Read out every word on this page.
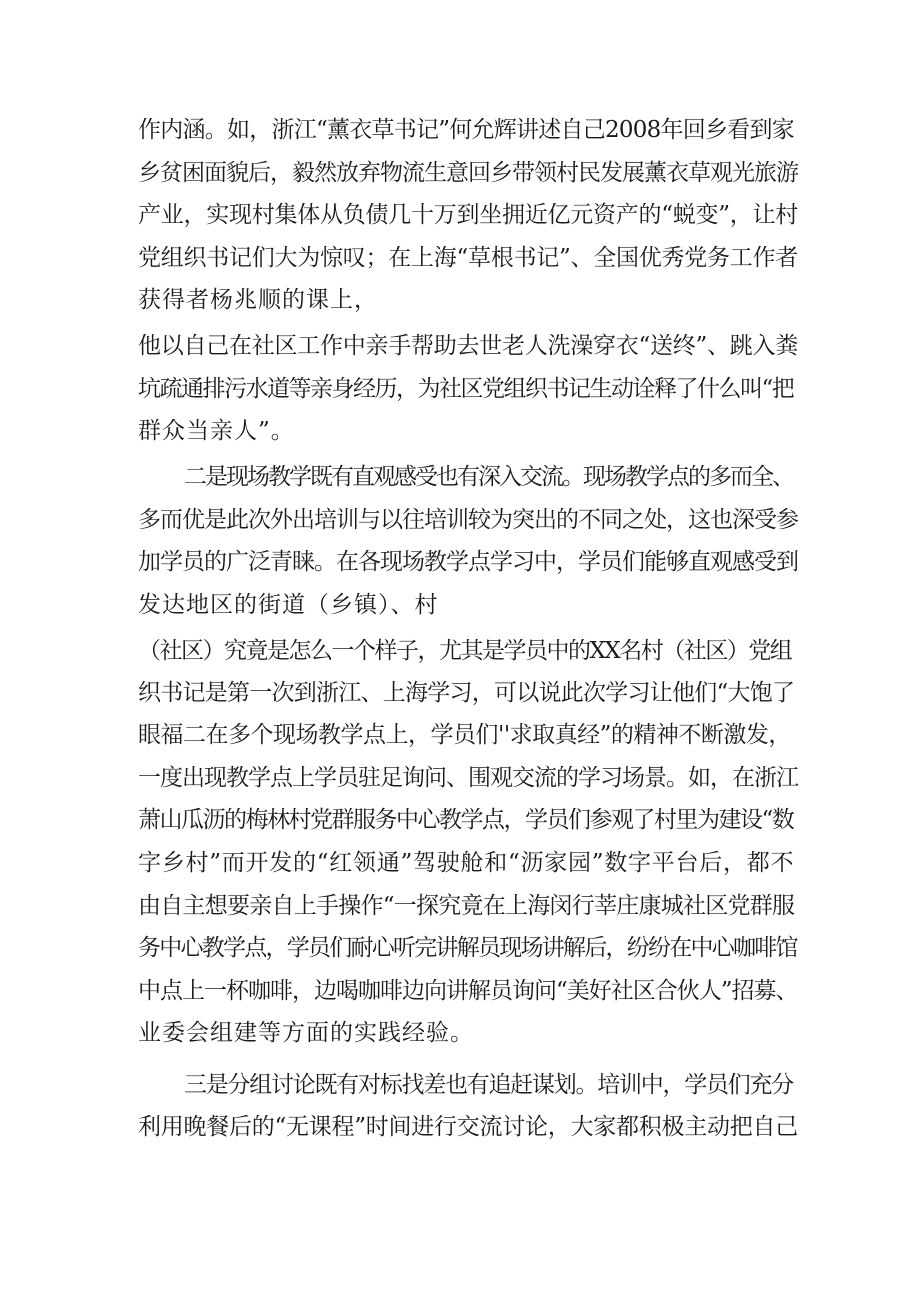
作内涵。如，浙江“薰衣草书记”何允辉讲述自己2008年回乡看到家
乡贫困面貌后，毅然放弃物流生意回乡带领村民发展薰衣草观光旅游
产业，实现村集体从负债几十万到坐拥近亿元资产的“蜕变”，让村
党组织书记们大为惊叹；在上海“草根书记”、全国优秀党务工作者
获得者杨兆顺的课上，
他以自己在社区工作中亲手帮助去世老人洗澡穿衣“送终”、跳入粪
坑疏通排污水道等亲身经历，为社区党组织书记生动诠释了什么叫“把
群众当亲人”。
二是现场教学既有直观感受也有深入交流。现场教学点的多而全、
多而优是此次外出培训与以往培训较为突出的不同之处，这也深受参
加学员的广泛青睐。在各现场教学点学习中，学员们能够直观感受到
发达地区的街道（乡镇）、村
（社区）究竟是怎么一个样子，尤其是学员中的XX名村（社区）党组
织书记是第一次到浙江、上海学习，可以说此次学习让他们“大饱了
眼福二在多个现场教学点上，学员们''求取真经”的精神不断激发，
一度出现教学点上学员驻足询问、围观交流的学习场景。如，在浙江
萧山瓜沥的梅林村党群服务中心教学点，学员们参观了村里为建设“数
字乡村”而开发的“红领通”驾驶舱和“沥家园”数字平台后，都不
由自主想要亲自上手操作“一探究竟在上海闵行莘庄康城社区党群服
务中心教学点，学员们耐心听完讲解员现场讲解后，纷纷在中心咖啡馆
中点上一杯咖啡，边喝咖啡边向讲解员询问“美好社区合伙人”招募、
业委会组建等方面的实践经验。
三是分组讨论既有对标找差也有追赶谋划。培训中，学员们充分
利用晚餐后的“无课程”时间进行交流讨论，大家都积极主动把自己
